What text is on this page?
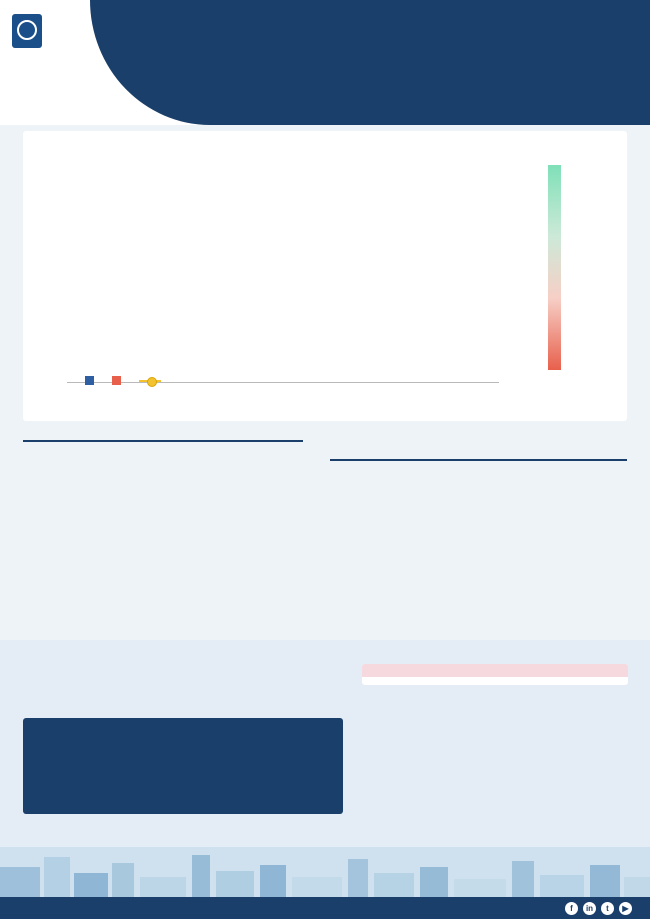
f	in	t	▶
